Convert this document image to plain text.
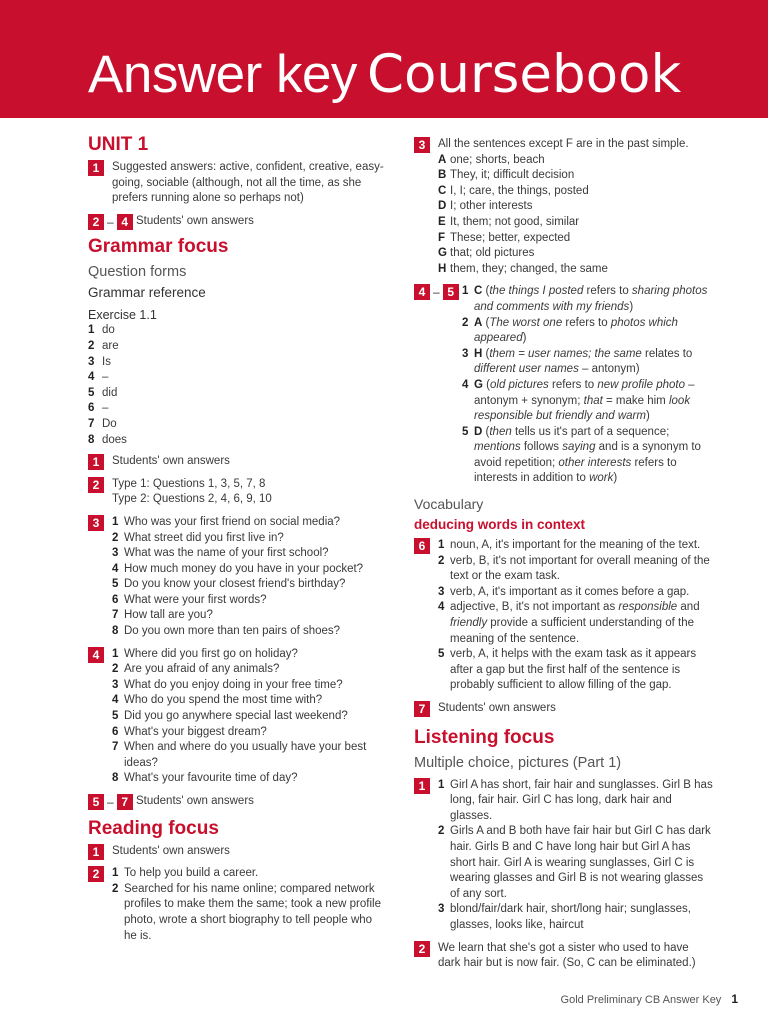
Answer key Coursebook
UNIT 1
1	Suggested answers: active, confident, creative, easy-going, sociable (although, not all the time, as she prefers running alone so perhaps not)
2 – 4 Students' own answers
Grammar focus
Question forms
Grammar reference
Exercise 1.1
1 do
2 are
3 Is
4 –
5 did
6 –
7 Do
8 does
1	Students' own answers
2	Type 1: Questions 1, 3, 5, 7, 8
Type 2: Questions 2, 4, 6, 9, 10
3	1 Who was your first friend on social media?
2 What street did you first live in?
3 What was the name of your first school?
4 How much money do you have in your pocket?
5 Do you know your closest friend's birthday?
6 What were your first words?
7 How tall are you?
8 Do you own more than ten pairs of shoes?
4	1 Where did you first go on holiday?
2 Are you afraid of any animals?
3 What do you enjoy doing in your free time?
4 Who do you spend the most time with?
5 Did you go anywhere special last weekend?
6 What's your biggest dream?
7 When and where do you usually have your best ideas?
8 What's your favourite time of day?
5 – 7 Students' own answers
Reading focus
1	Students' own answers
2	1 To help you build a career.
2 Searched for his name online; compared network profiles to make them the same; took a new profile photo, wrote a short biography to tell people who he is.
3	All the sentences except F are in the past simple.
A one; shorts, beach
B They, it; difficult decision
C I, I; care, the things, posted
D I; other interests
E It, them; not good, similar
F These; better, expected
G that; old pictures
H them, they; changed, the same
4 – 5 1 C (the things I posted refers to sharing photos and comments with my friends)
2 A (The worst one refers to photos which appeared)
3 H (them = user names; the same relates to different user names – antonym)
4 G (old pictures refers to new profile photo – antonym + synonym; that = make him look responsible but friendly and warm)
5 D (then tells us it's part of a sequence; mentions follows saying and is a synonym to avoid repetition; other interests refers to interests in addition to work)
Vocabulary
deducing words in context
6	1 noun, A, it's important for the meaning of the text.
2 verb, B, it's not important for overall meaning of the text or the exam task.
3 verb, A, it's important as it comes before a gap.
4 adjective, B, it's not important as responsible and friendly provide a sufficient understanding of the meaning of the sentence.
5 verb, A, it helps with the exam task as it appears after a gap but the first half of the sentence is probably sufficient to allow filling of the gap.
7	Students' own answers
Listening focus
Multiple choice, pictures (Part 1)
1	1 Girl A has short, fair hair and sunglasses. Girl B has long, fair hair. Girl C has long, dark hair and glasses.
2 Girls A and B both have fair hair but Girl C has dark hair. Girls B and C have long hair but Girl A has short hair. Girl A is wearing sunglasses, Girl C is wearing glasses and Girl B is not wearing glasses of any sort.
3 blond/fair/dark hair, short/long hair; sunglasses, glasses, looks like, haircut
2	We learn that she's got a sister who used to have dark hair but is now fair. (So, C can be eliminated.)
Gold Preliminary CB Answer Key 1
